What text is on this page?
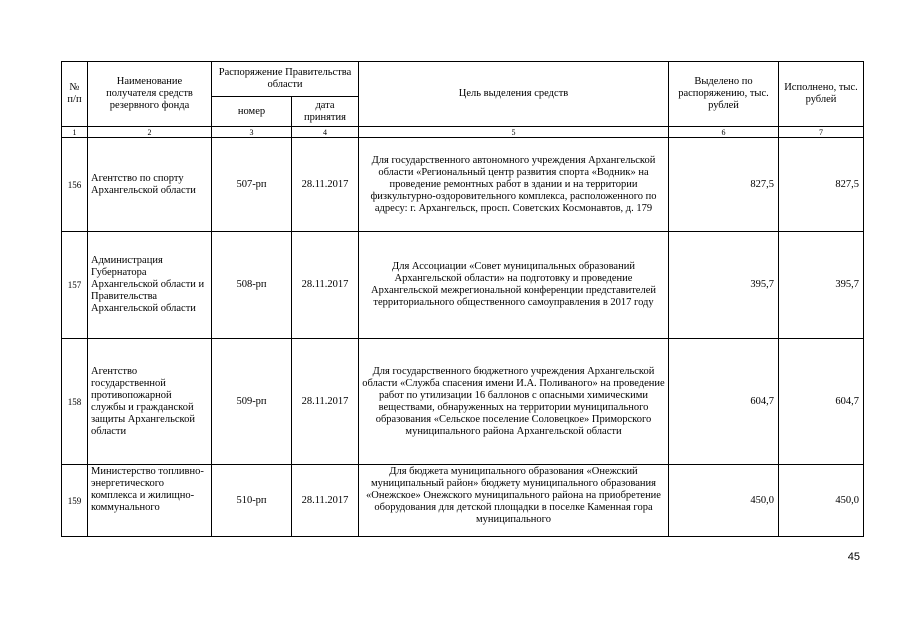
№ п/п	Наименование получателя средств резервного фонда	Распоряжение Правительства области		Цель выделения средств	Выделено по распоряжению, тыс. рублей	Исполнено, тыс. рублей
		номер	дата принятия			
1	2	3	4	5	6	7
156	Агентство по спорту Архангельской области	507-рп	28.11.2017	Для государственного автономного учреждения Архангельской области «Региональный центр развития спорта «Водник» на проведение ремонтных работ в здании и на территории физкультурно-оздоровительного комплекса, расположенного по адресу: г. Архангельск, просп. Советских Космонавтов, д. 179	827,5	827,5
157	Администрация Губернатора Архангельской области и Правительства Архангельской области	508-рп	28.11.2017	Для Ассоциации «Совет муниципальных образований Архангельской области» на подготовку и проведение Архангельской межрегиональной конференции представителей территориального общественного самоуправления в 2017 году	395,7	395,7
158	Агентство государственной противопожарной службы и гражданской защиты Архангельской области	509-рп	28.11.2017	Для государственного бюджетного учреждения Архангельской области «Служба спасения имени И.А. Поливаного» на проведение работ по утилизации 16 баллонов с опасными химическими веществами, обнаруженных на территории муниципального образования «Сельское поселение Соловецкое» Приморского муниципального района Архангельской области	604,7	604,7
159	Министерство топливно-энергетического комплекса и жилищно-коммунального	510-рп	28.11.2017	Для бюджета муниципального образования «Онежский муниципальный район» бюджету муниципального образования «Онежское» Онежского муниципального района на приобретение оборудования для детской площадки в поселке Каменная гора муниципального	450,0	450,0
45
